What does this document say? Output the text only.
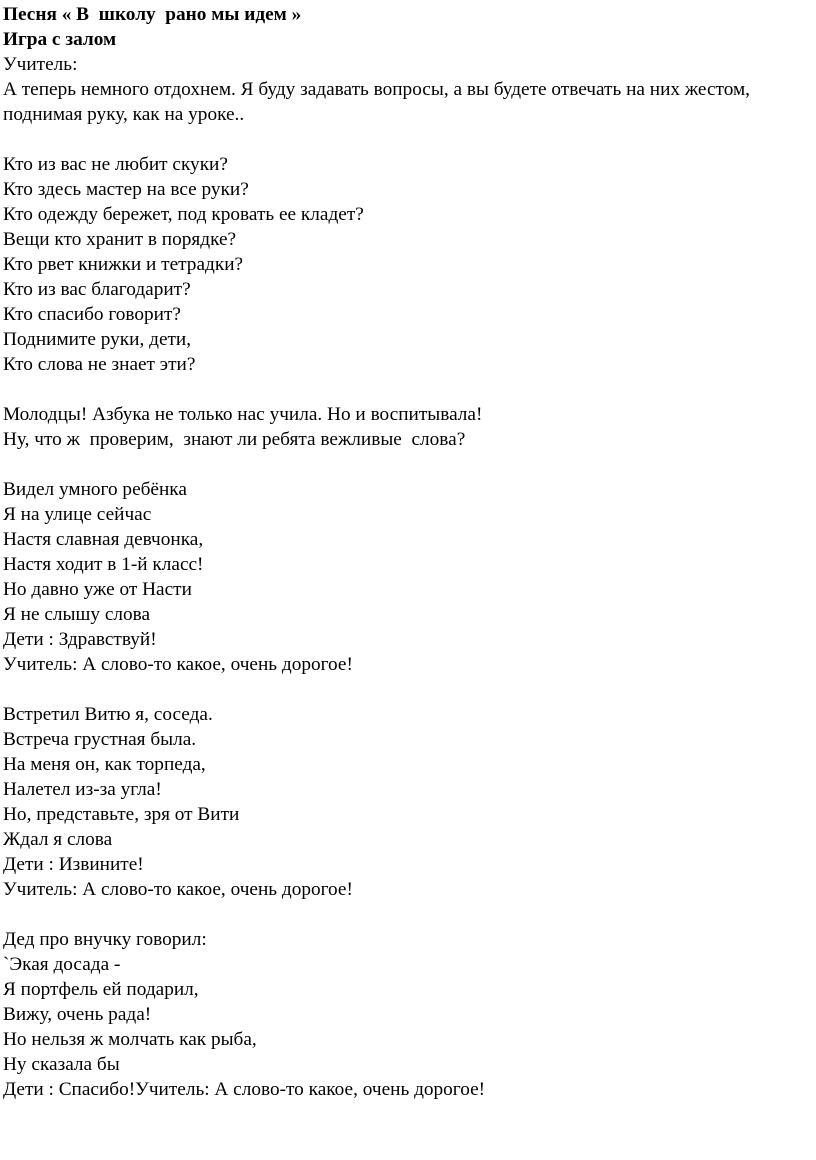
Песня « В  школу  рано мы идем »
Игра с залом
Учитель:
А теперь немного отдохнем. Я буду задавать вопросы, а вы будете отвечать на них жестом, поднимая руку, как на уроке..
Кто из вас не любит скуки?
Кто здесь мастер на все руки?
Кто одежду бережет, под кровать ее кладет?
Вещи кто хранит в порядке?
Кто рвет книжки и тетрадки?
Кто из вас благодарит?
Кто спасибо говорит?
Поднимите руки, дети,
Кто слова не знает эти?
Молодцы! Азбука не только нас учила. Но и воспитывала!
Ну, что ж  проверим,  знают ли ребята вежливые  слова?
Видел умного ребёнка
Я на улице сейчас
Настя славная девчонка,
Настя ходит в 1-й класс!
Но давно уже от Насти
Я не слышу слова
Дети : Здравствуй!
Учитель: А слово-то какое, очень дорогое!
Встретил Витю я, соседа.
Встреча грустная была.
На меня он, как торпеда,
Налетел из-за угла!
Но, представьте, зря от Вити
Ждал я слова
Дети : Извините!
Учитель: А слово-то какое, очень дорогое!
Дед про внучку говорил:
`Экая досада -
Я портфель ей подарил,
Вижу, очень рада!
Но нельзя ж молчать как рыба,
Ну сказала бы
Дети : Спасибо!Учитель: А слово-то какое, очень дорогое!
